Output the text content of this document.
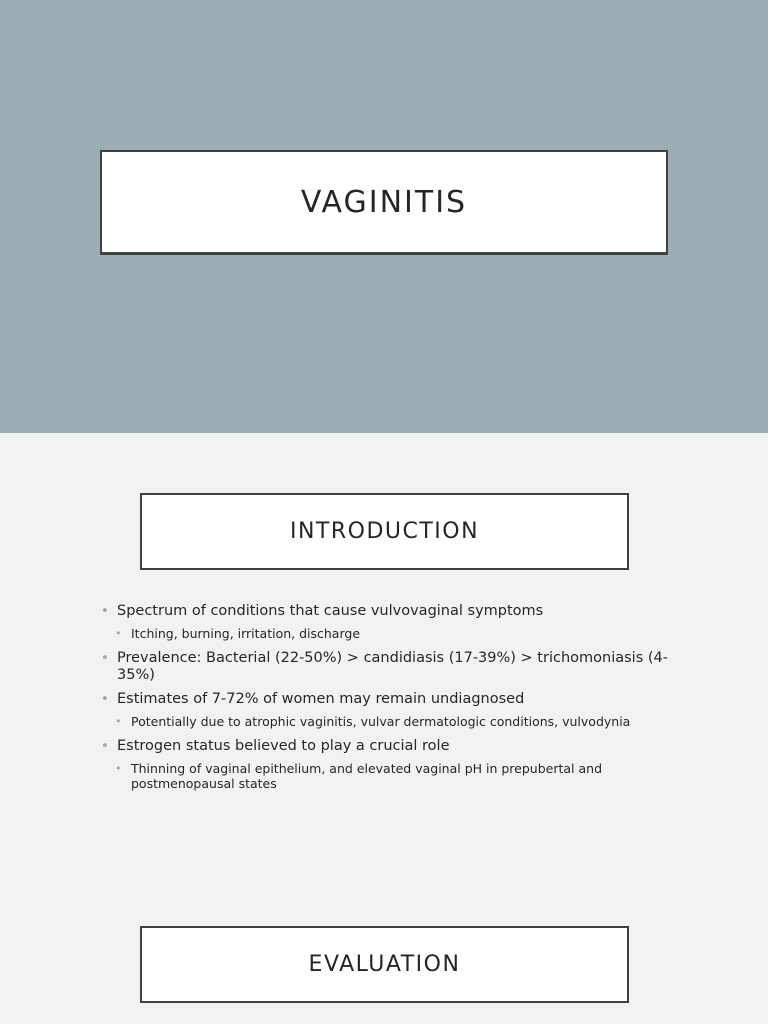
VAGINITIS
INTRODUCTION
• Spectrum of conditions that cause vulvovaginal symptoms
• Itching, burning, irritation, discharge
• Prevalence: Bacterial (22-50%) > candidiasis (17-39%) > trichomoniasis (4-35%)
• Estimates of 7-72% of women may remain undiagnosed
• Potentially due to atrophic vaginitis, vulvar dermatologic conditions, vulvodynia
• Estrogen status believed to play a crucial role
• Thinning of vaginal epithelium, and elevated vaginal pH in prepubertal and postmenopausal states
EVALUATION
